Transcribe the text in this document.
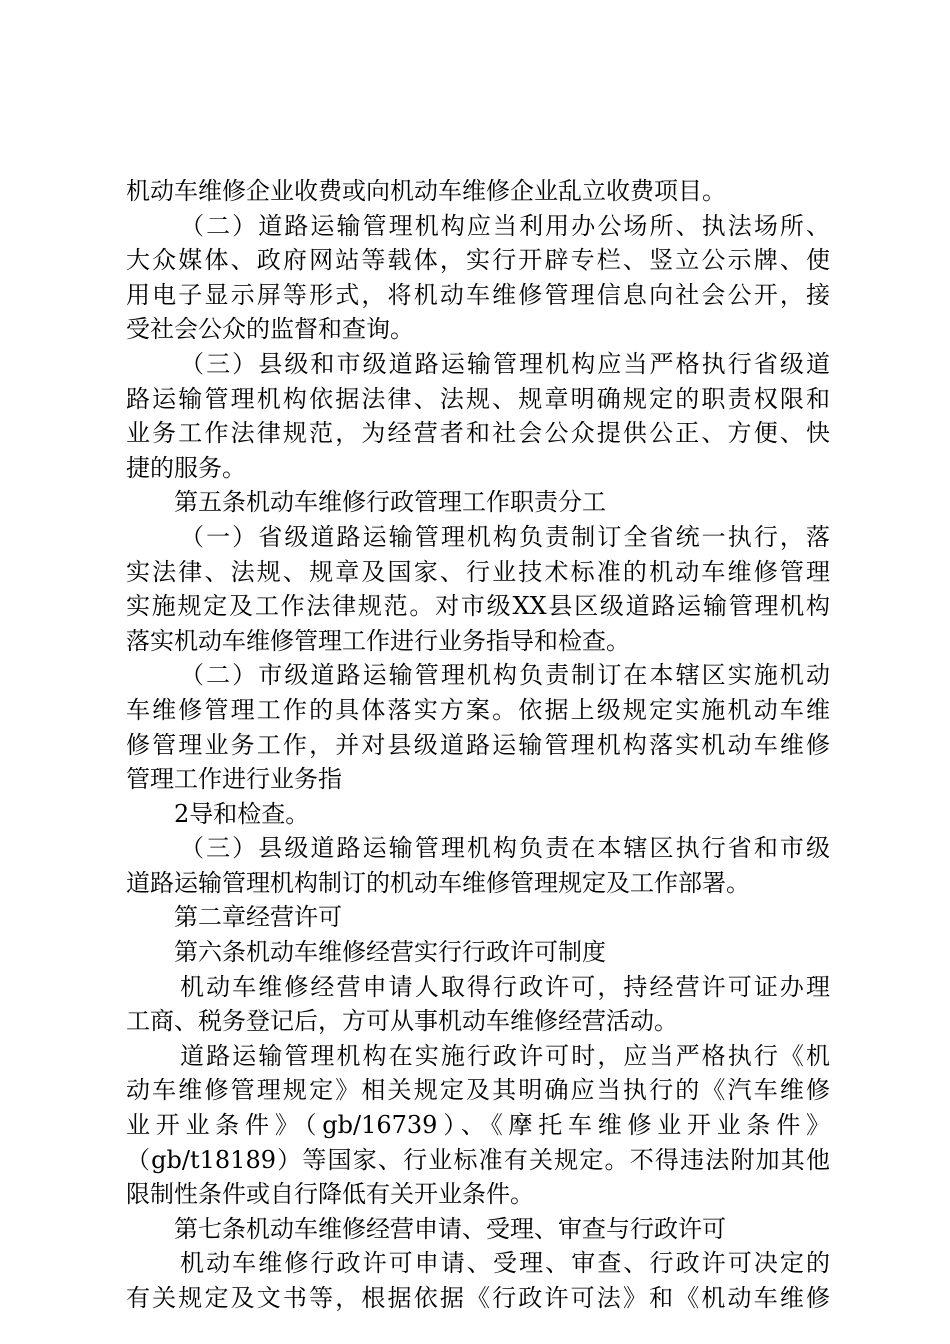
机动车维修企业收费或向机动车维修企业乱立收费项目。
（二）道路运输管理机构应当利用办公场所、执法场所、
大众媒体、政府网站等载体，实行开辟专栏、竖立公示牌、使
用电子显示屏等形式，将机动车维修管理信息向社会公开，接
受社会公众的监督和查询。
（三）县级和市级道路运输管理机构应当严格执行省级道
路运输管理机构依据法律、法规、规章明确规定的职责权限和
业务工作法律规范，为经营者和社会公众提供公正、方便、快
捷的服务。
第五条机动车维修行政管理工作职责分工
（一）省级道路运输管理机构负责制订全省统一执行，落
实法律、法规、规章及国家、行业技术标准的机动车维修管理
实施规定及工作法律规范。对市级XX县区级道路运输管理机构
落实机动车维修管理工作进行业务指导和检查。
（二）市级道路运输管理机构负责制订在本辖区实施机动
车维修管理工作的具体落实方案。依据上级规定实施机动车维
修管理业务工作，并对县级道路运输管理机构落实机动车维修
管理工作进行业务指
2导和检查。
（三）县级道路运输管理机构负责在本辖区执行省和市级
道路运输管理机构制订的机动车维修管理规定及工作部署。
第二章经营许可
第六条机动车维修经营实行行政许可制度
机动车维修经营申请人取得行政许可，持经营许可证办理
工商、税务登记后，方可从事机动车维修经营活动。
道路运输管理机构在实施行政许可时，应当严格执行《机
动车维修管理规定》相关规定及其明确应当执行的《汽车维修
业开业条件》（gb/16739）、《摩托车维修业开业条件》
（gb/t18189）等国家、行业标准有关规定。不得违法附加其他
限制性条件或自行降低有关开业条件。
第七条机动车维修经营申请、受理、审查与行政许可
机动车维修行政许可申请、受理、审查、行政许可决定的
有关规定及文书等，根据依据《行政许可法》和《机动车维修
